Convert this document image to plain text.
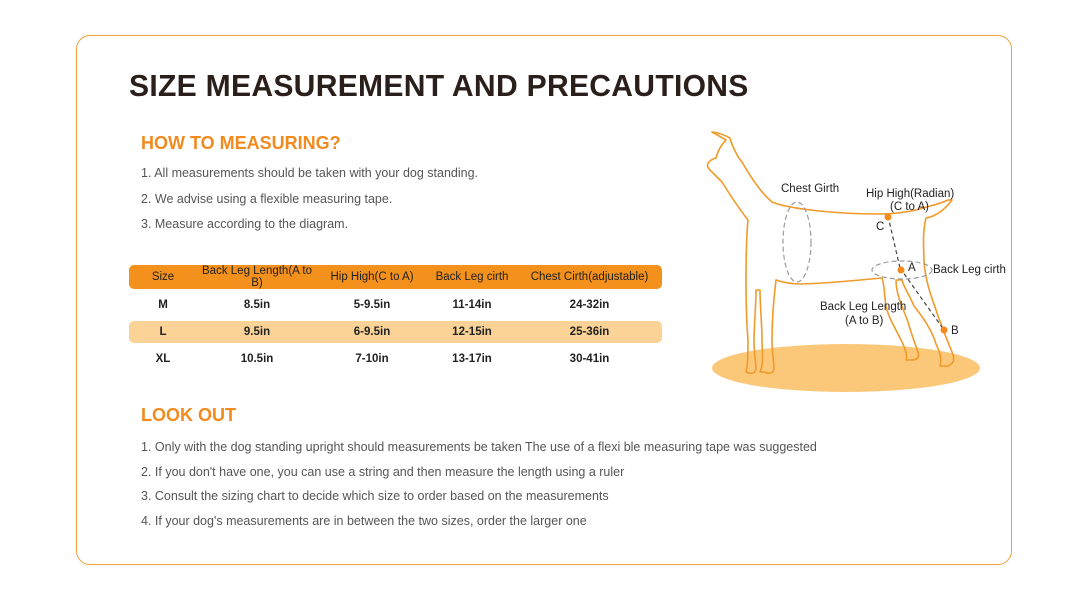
SIZE MEASUREMENT AND PRECAUTIONS
HOW TO MEASURING?
1. All measurements should be taken with your dog standing.
2. We advise using a flexible measuring tape.
3. Measure according to the diagram.
Size	Back Leg Length(A to B)	Hip High(C to A)	Back Leg cirth	Chest Cirth(adjustable)
M	8.5in	5-9.5in	11-14in	24-32in
L	9.5in	6-9.5in	12-15in	25-36in
XL	10.5in	7-10in	13-17in	30-41in
LOOK OUT
1. Only with the dog standing upright should measurements be taken The use of a flexi ble measuring tape was suggested
2. If you don't have one, you can use a string and then measure the length using a ruler
3. Consult the sizing chart to decide which size to order based on the measurements
4. If your dog's measurements are in between the two sizes, order the larger one
Chest Girth Hip High(Radian)
(C to A)
C
A Back Leg cirth
Back Leg Length
(A to B)
B
